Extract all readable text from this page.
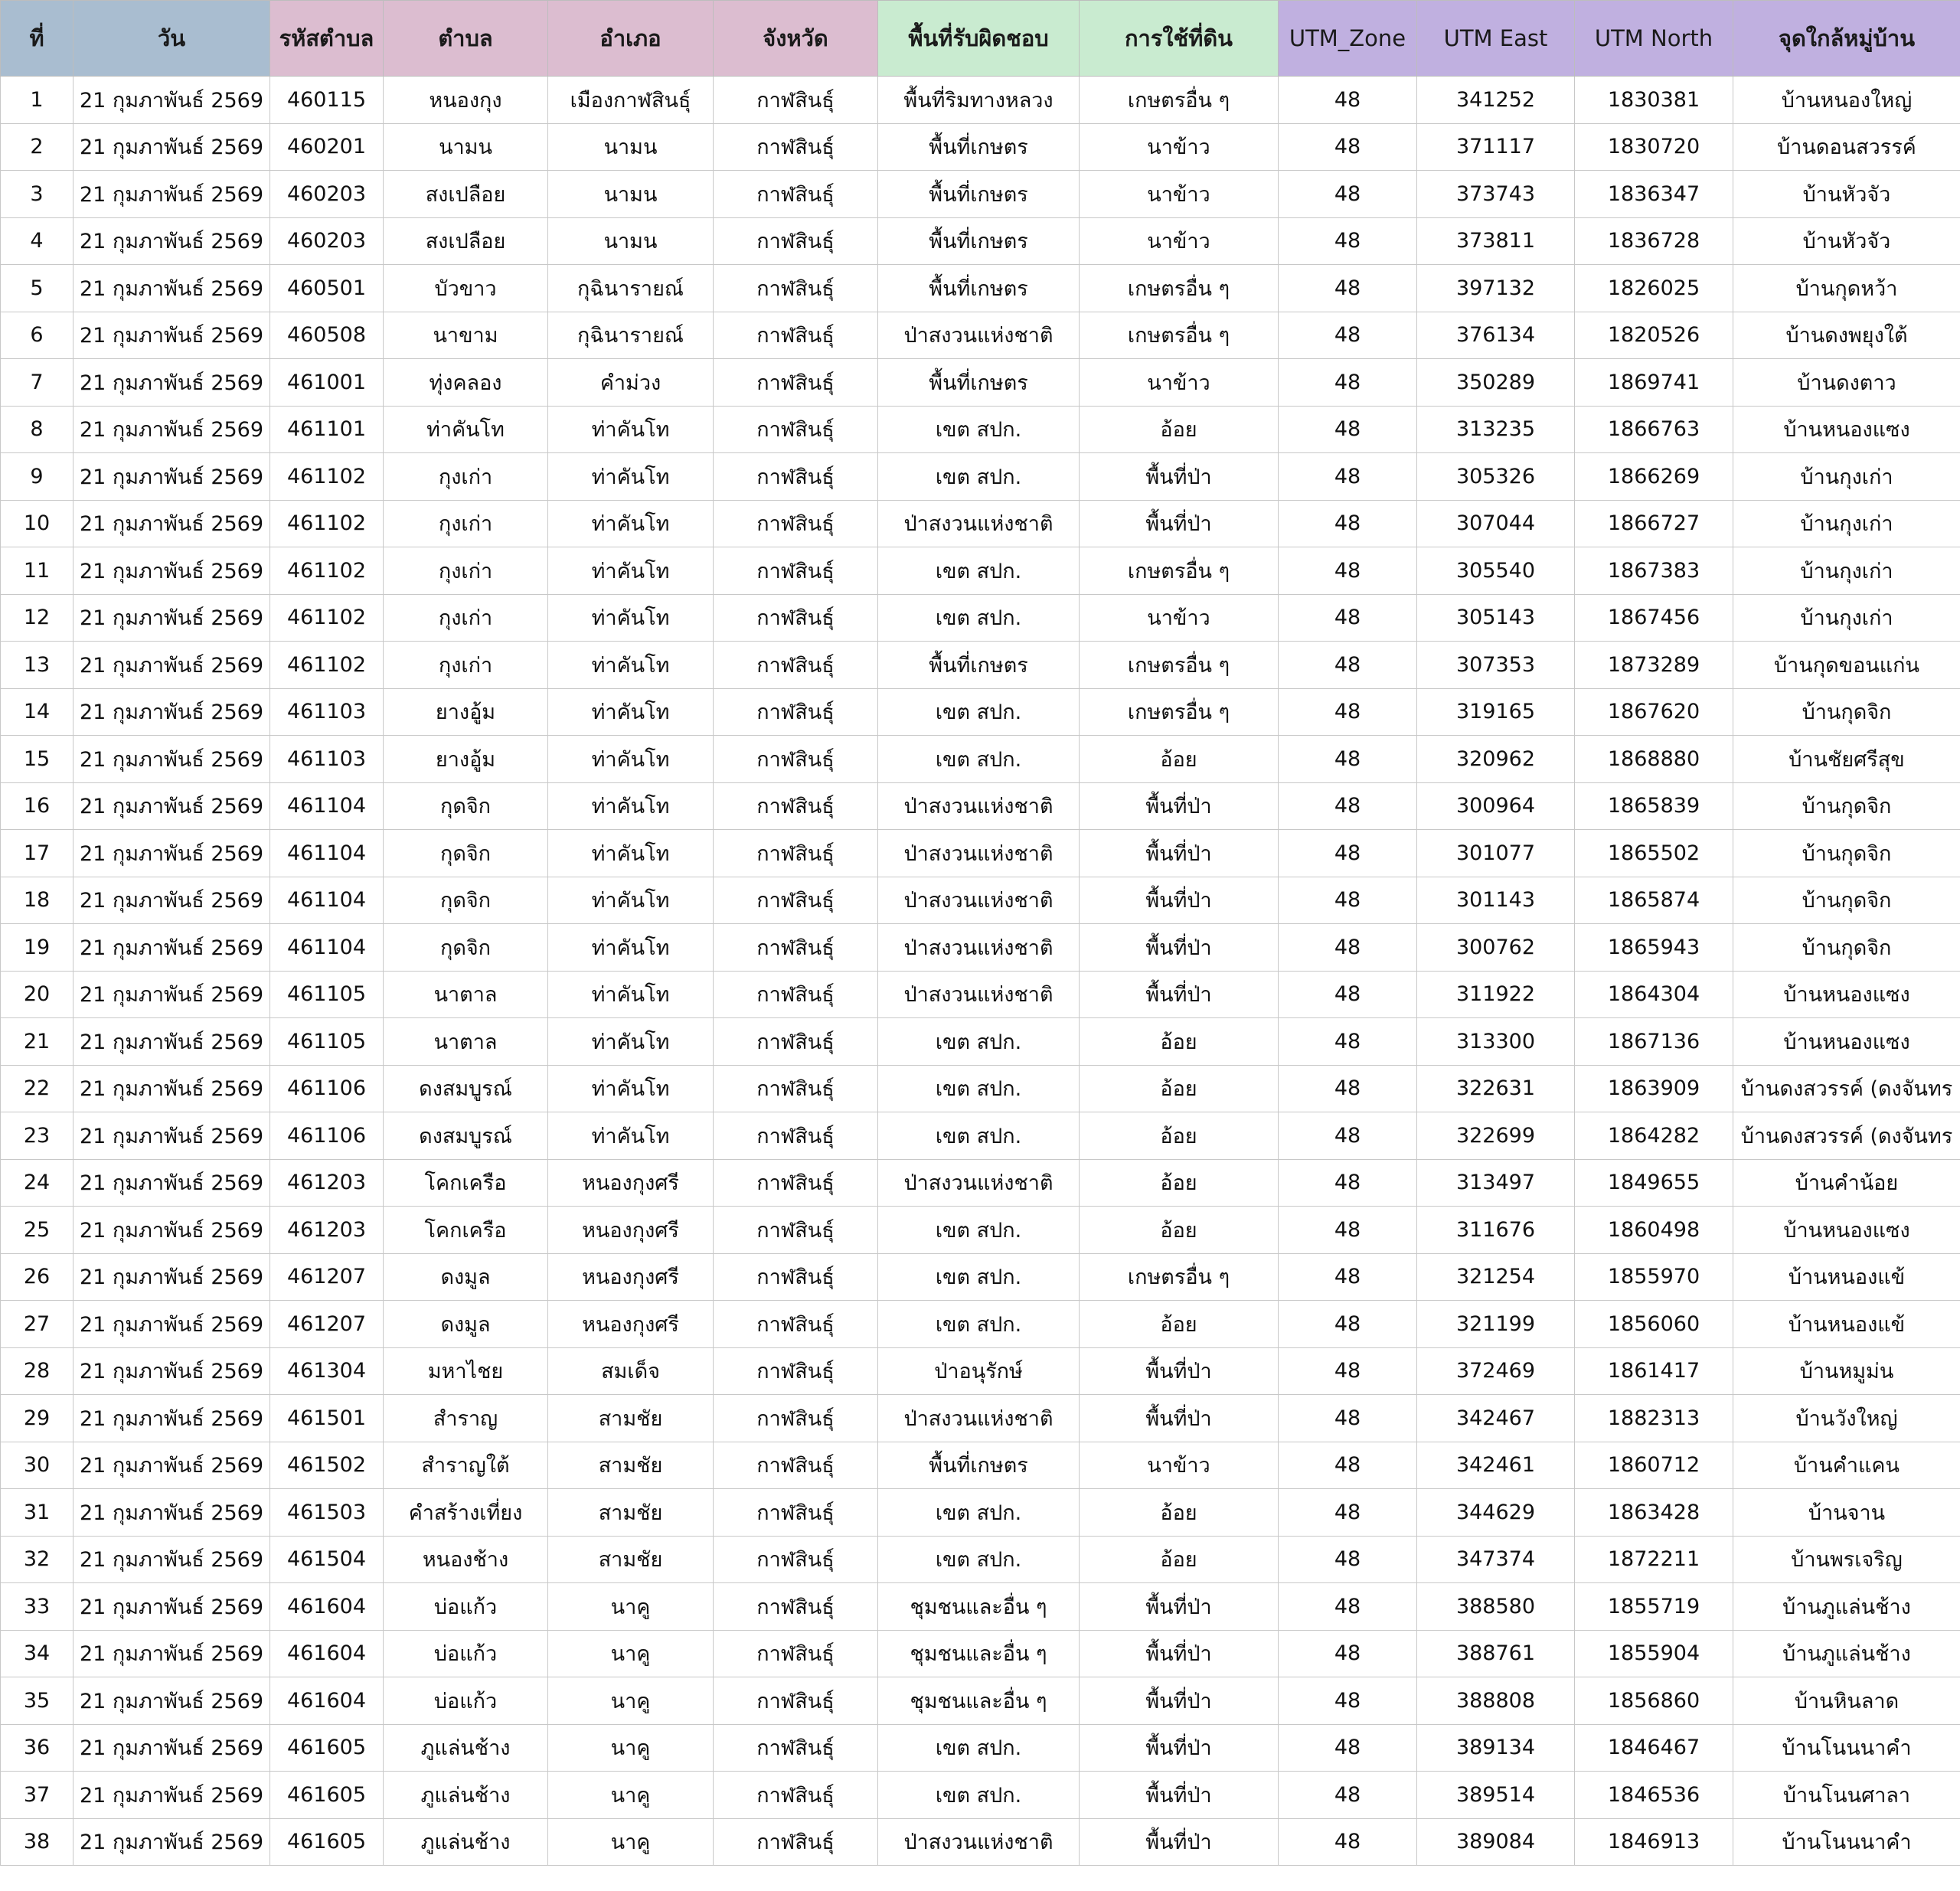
ที่	วัน	รหัสตำบล	ตำบล	อำเภอ	จังหวัด	พื้นที่รับผิดชอบ	การใช้ที่ดิน	UTM_Zone	UTM East	UTM North	จุดใกล้หมู่บ้าน
1	21 กุมภาพันธ์ 2569	460115	หนองกุง	เมืองกาฬสินธุ์	กาฬสินธุ์	พื้นที่ริมทางหลวง	เกษตรอื่น ๆ	48	341252	1830381	บ้านหนองใหญ่
2	21 กุมภาพันธ์ 2569	460201	นามน	นามน	กาฬสินธุ์	พื้นที่เกษตร	นาข้าว	48	371117	1830720	บ้านดอนสวรรค์
3	21 กุมภาพันธ์ 2569	460203	สงเปลือย	นามน	กาฬสินธุ์	พื้นที่เกษตร	นาข้าว	48	373743	1836347	บ้านหัวจัว
4	21 กุมภาพันธ์ 2569	460203	สงเปลือย	นามน	กาฬสินธุ์	พื้นที่เกษตร	นาข้าว	48	373811	1836728	บ้านหัวจัว
5	21 กุมภาพันธ์ 2569	460501	บัวขาว	กุฉินารายณ์	กาฬสินธุ์	พื้นที่เกษตร	เกษตรอื่น ๆ	48	397132	1826025	บ้านกุดหว้า
6	21 กุมภาพันธ์ 2569	460508	นาขาม	กุฉินารายณ์	กาฬสินธุ์	ป่าสงวนแห่งชาติ	เกษตรอื่น ๆ	48	376134	1820526	บ้านดงพยุงใต้
7	21 กุมภาพันธ์ 2569	461001	ทุ่งคลอง	คำม่วง	กาฬสินธุ์	พื้นที่เกษตร	นาข้าว	48	350289	1869741	บ้านดงตาว
8	21 กุมภาพันธ์ 2569	461101	ท่าคันโท	ท่าคันโท	กาฬสินธุ์	เขต สปก.	อ้อย	48	313235	1866763	บ้านหนองแซง
9	21 กุมภาพันธ์ 2569	461102	กุงเก่า	ท่าคันโท	กาฬสินธุ์	เขต สปก.	พื้นที่ป่า	48	305326	1866269	บ้านกุงเก่า
10	21 กุมภาพันธ์ 2569	461102	กุงเก่า	ท่าคันโท	กาฬสินธุ์	ป่าสงวนแห่งชาติ	พื้นที่ป่า	48	307044	1866727	บ้านกุงเก่า
11	21 กุมภาพันธ์ 2569	461102	กุงเก่า	ท่าคันโท	กาฬสินธุ์	เขต สปก.	เกษตรอื่น ๆ	48	305540	1867383	บ้านกุงเก่า
12	21 กุมภาพันธ์ 2569	461102	กุงเก่า	ท่าคันโท	กาฬสินธุ์	เขต สปก.	นาข้าว	48	305143	1867456	บ้านกุงเก่า
13	21 กุมภาพันธ์ 2569	461102	กุงเก่า	ท่าคันโท	กาฬสินธุ์	พื้นที่เกษตร	เกษตรอื่น ๆ	48	307353	1873289	บ้านกุดขอนแก่น
14	21 กุมภาพันธ์ 2569	461103	ยางอู้ม	ท่าคันโท	กาฬสินธุ์	เขต สปก.	เกษตรอื่น ๆ	48	319165	1867620	บ้านกุดจิก
15	21 กุมภาพันธ์ 2569	461103	ยางอู้ม	ท่าคันโท	กาฬสินธุ์	เขต สปก.	อ้อย	48	320962	1868880	บ้านชัยศรีสุข
16	21 กุมภาพันธ์ 2569	461104	กุดจิก	ท่าคันโท	กาฬสินธุ์	ป่าสงวนแห่งชาติ	พื้นที่ป่า	48	300964	1865839	บ้านกุดจิก
17	21 กุมภาพันธ์ 2569	461104	กุดจิก	ท่าคันโท	กาฬสินธุ์	ป่าสงวนแห่งชาติ	พื้นที่ป่า	48	301077	1865502	บ้านกุดจิก
18	21 กุมภาพันธ์ 2569	461104	กุดจิก	ท่าคันโท	กาฬสินธุ์	ป่าสงวนแห่งชาติ	พื้นที่ป่า	48	301143	1865874	บ้านกุดจิก
19	21 กุมภาพันธ์ 2569	461104	กุดจิก	ท่าคันโท	กาฬสินธุ์	ป่าสงวนแห่งชาติ	พื้นที่ป่า	48	300762	1865943	บ้านกุดจิก
20	21 กุมภาพันธ์ 2569	461105	นาตาล	ท่าคันโท	กาฬสินธุ์	ป่าสงวนแห่งชาติ	พื้นที่ป่า	48	311922	1864304	บ้านหนองแซง
21	21 กุมภาพันธ์ 2569	461105	นาตาล	ท่าคันโท	กาฬสินธุ์	เขต สปก.	อ้อย	48	313300	1867136	บ้านหนองแซง
22	21 กุมภาพันธ์ 2569	461106	ดงสมบูรณ์	ท่าคันโท	กาฬสินธุ์	เขต สปก.	อ้อย	48	322631	1863909	บ้านดงสวรรค์ (ดงจันทร
23	21 กุมภาพันธ์ 2569	461106	ดงสมบูรณ์	ท่าคันโท	กาฬสินธุ์	เขต สปก.	อ้อย	48	322699	1864282	บ้านดงสวรรค์ (ดงจันทร
24	21 กุมภาพันธ์ 2569	461203	โคกเครือ	หนองกุงศรี	กาฬสินธุ์	ป่าสงวนแห่งชาติ	อ้อย	48	313497	1849655	บ้านคำน้อย
25	21 กุมภาพันธ์ 2569	461203	โคกเครือ	หนองกุงศรี	กาฬสินธุ์	เขต สปก.	อ้อย	48	311676	1860498	บ้านหนองแซง
26	21 กุมภาพันธ์ 2569	461207	ดงมูล	หนองกุงศรี	กาฬสินธุ์	เขต สปก.	เกษตรอื่น ๆ	48	321254	1855970	บ้านหนองแข้
27	21 กุมภาพันธ์ 2569	461207	ดงมูล	หนองกุงศรี	กาฬสินธุ์	เขต สปก.	อ้อย	48	321199	1856060	บ้านหนองแข้
28	21 กุมภาพันธ์ 2569	461304	มหาไชย	สมเด็จ	กาฬสินธุ์	ป่าอนุรักษ์	พื้นที่ป่า	48	372469	1861417	บ้านหมูม่น
29	21 กุมภาพันธ์ 2569	461501	สำราญ	สามชัย	กาฬสินธุ์	ป่าสงวนแห่งชาติ	พื้นที่ป่า	48	342467	1882313	บ้านวังใหญ่
30	21 กุมภาพันธ์ 2569	461502	สำราญใต้	สามชัย	กาฬสินธุ์	พื้นที่เกษตร	นาข้าว	48	342461	1860712	บ้านคำแคน
31	21 กุมภาพันธ์ 2569	461503	คำสร้างเที่ยง	สามชัย	กาฬสินธุ์	เขต สปก.	อ้อย	48	344629	1863428	บ้านจาน
32	21 กุมภาพันธ์ 2569	461504	หนองช้าง	สามชัย	กาฬสินธุ์	เขต สปก.	อ้อย	48	347374	1872211	บ้านพรเจริญ
33	21 กุมภาพันธ์ 2569	461604	บ่อแก้ว	นาคู	กาฬสินธุ์	ชุมชนและอื่น ๆ	พื้นที่ป่า	48	388580	1855719	บ้านภูแล่นช้าง
34	21 กุมภาพันธ์ 2569	461604	บ่อแก้ว	นาคู	กาฬสินธุ์	ชุมชนและอื่น ๆ	พื้นที่ป่า	48	388761	1855904	บ้านภูแล่นช้าง
35	21 กุมภาพันธ์ 2569	461604	บ่อแก้ว	นาคู	กาฬสินธุ์	ชุมชนและอื่น ๆ	พื้นที่ป่า	48	388808	1856860	บ้านหินลาด
36	21 กุมภาพันธ์ 2569	461605	ภูแล่นช้าง	นาคู	กาฬสินธุ์	เขต สปก.	พื้นที่ป่า	48	389134	1846467	บ้านโนนนาคำ
37	21 กุมภาพันธ์ 2569	461605	ภูแล่นช้าง	นาคู	กาฬสินธุ์	เขต สปก.	พื้นที่ป่า	48	389514	1846536	บ้านโนนศาลา
38	21 กุมภาพันธ์ 2569	461605	ภูแล่นช้าง	นาคู	กาฬสินธุ์	ป่าสงวนแห่งชาติ	พื้นที่ป่า	48	389084	1846913	บ้านโนนนาคำ
